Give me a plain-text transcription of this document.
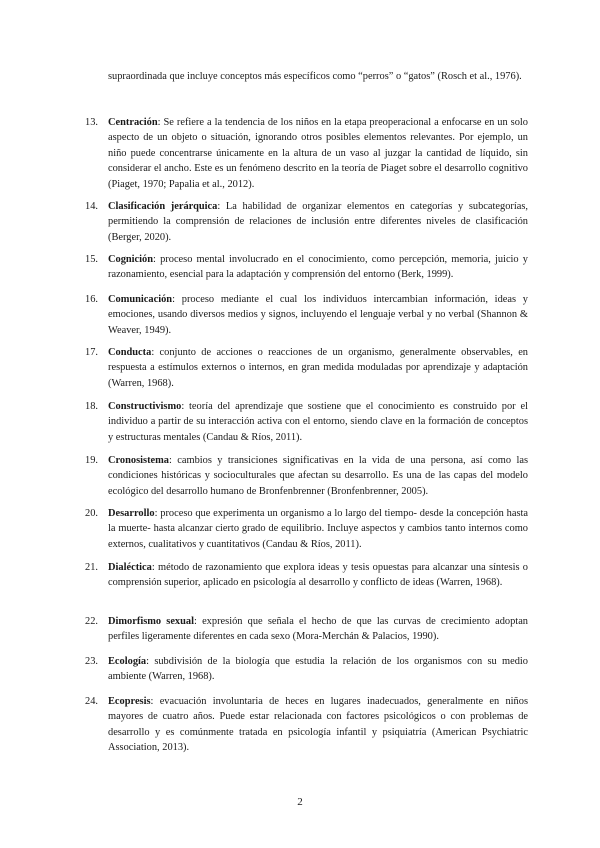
supraordinada que incluye conceptos más específicos como “perros” o “gatos” (Rosch et al., 1976).
13. Centración: Se refiere a la tendencia de los niños en la etapa preoperacional a enfocarse en un solo aspecto de un objeto o situación, ignorando otros posibles elementos relevantes. Por ejemplo, un niño puede concentrarse únicamente en la altura de un vaso al juzgar la cantidad de líquido, sin considerar el ancho. Este es un fenómeno descrito en la teoría de Piaget sobre el desarrollo cognitivo (Piaget, 1970; Papalia et al., 2012).
14. Clasificación jerárquica: La habilidad de organizar elementos en categorías y subcategorías, permitiendo la comprensión de relaciones de inclusión entre diferentes niveles de clasificación (Berger, 2020).
15. Cognición: proceso mental involucrado en el conocimiento, como percepción, memoria, juicio y razonamiento, esencial para la adaptación y comprensión del entorno (Berk, 1999).
16. Comunicación: proceso mediante el cual los individuos intercambian información, ideas y emociones, usando diversos medios y signos, incluyendo el lenguaje verbal y no verbal (Shannon & Weaver, 1949).
17. Conducta: conjunto de acciones o reacciones de un organismo, generalmente observables, en respuesta a estímulos externos o internos, en gran medida moduladas por aprendizaje y adaptación (Warren, 1968).
18. Constructivismo: teoría del aprendizaje que sostiene que el conocimiento es construido por el individuo a partir de su interacción activa con el entorno, siendo clave en la formación de conceptos y estructuras mentales (Candau & Ríos, 2011).
19. Cronosistema: cambios y transiciones significativas en la vida de una persona, así como las condiciones históricas y socioculturales que afectan su desarrollo. Es una de las capas del modelo ecológico del desarrollo humano de Bronfenbrenner (Bronfenbrenner, 2005).
20. Desarrollo: proceso que experimenta un organismo a lo largo del tiempo- desde la concepción hasta la muerte- hasta alcanzar cierto grado de equilibrio. Incluye aspectos y cambios tanto internos como externos, cualitativos y cuantitativos (Candau & Ríos, 2011).
21. Dialéctica: método de razonamiento que explora ideas y tesis opuestas para alcanzar una síntesis o comprensión superior, aplicado en psicología al desarrollo y conflicto de ideas (Warren, 1968).
22. Dimorfismo sexual: expresión que señala el hecho de que las curvas de crecimiento adoptan perfiles ligeramente diferentes en cada sexo (Mora-Merchán & Palacios, 1990).
23. Ecología: subdivisión de la biología que estudia la relación de los organismos con su medio ambiente (Warren, 1968).
24. Ecopresis: evacuación involuntaria de heces en lugares inadecuados, generalmente en niños mayores de cuatro años. Puede estar relacionada con factores psicológicos o con problemas de desarrollo y es comúnmente tratada en psicología infantil y psiquiatría (American Psychiatric Association, 2013).
2
